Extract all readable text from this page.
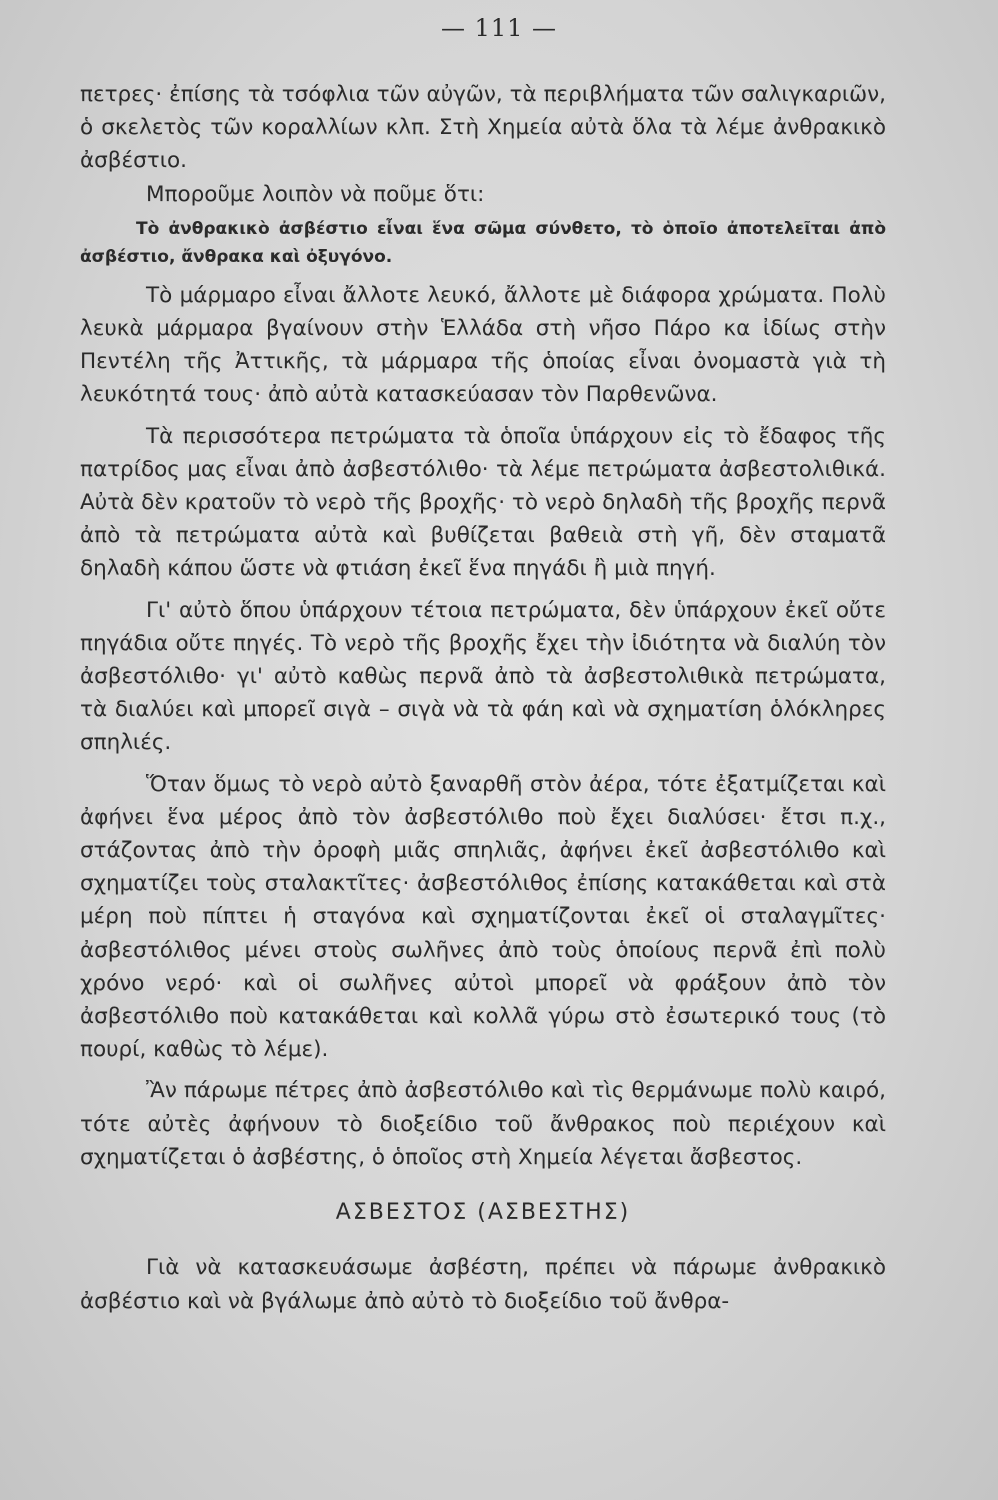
— 111 —

πετρες· ἐπίσης τὰ τσόφλια τῶν αὐγῶν, τὰ περιβλήματα τῶν σαλιγκαριῶν, ὁ σκελετὸς τῶν κοραλλίων κλπ. Στὴ Χημεία αὐτὰ ὅλα τὰ λέμε ἀνθρακικὸ ἀσβέστιο.

Μποροῦμε λοιπὸν νὰ ποῦμε ὅτι:

Τὸ ἀνθρακικὸ ἀσβέστιο εἶναι ἕνα σῶμα σύνθετο, τὸ ὁποῖο ἀποτελεῖται ἀπὸ ἀσβέστιο, ἄνθρακα καὶ ὀξυγόνο.

Τὸ μάρμαρο εἶναι ἄλλοτε λευκό, ἄλλοτε μὲ διάφορα χρώματα. Πολὺ λευκὰ μάρμαρα βγαίνουν στὴν Ἑλλάδα στὴ νῆσο Πάρο κα ἰδίως στὴν Πεντέλη τῆς Ἀττικῆς, τὰ μάρμαρα τῆς ὁποίας εἶναι ὀνομαστὰ γιὰ τὴ λευκότητά τους· ἀπὸ αὐτὰ κατασκεύασαν τὸν Παρθενῶνα.

Τὰ περισσότερα πετρώματα τὰ ὁποῖα ὑπάρχουν εἰς τὸ ἔδαφος τῆς πατρίδος μας εἶναι ἀπὸ ἀσβεστόλιθο· τὰ λέμε πετρώματα ἀσβεστολιθικά. Αὐτὰ δὲν κρατοῦν τὸ νερὸ τῆς βροχῆς· τὸ νερὸ δηλαδὴ τῆς βροχῆς περνᾶ ἀπὸ τὰ πετρώματα αὐτὰ καὶ βυθίζεται βαθειὰ στὴ γῆ, δὲν σταματᾶ δηλαδὴ κάπου ὥστε νὰ φτιάση ἐκεῖ ἕνα πηγάδι ἢ μιὰ πηγή.

Γι' αὐτὸ ὅπου ὑπάρχουν τέτοια πετρώματα, δὲν ὑπάρχουν ἐκεῖ οὔτε πηγάδια οὔτε πηγές. Τὸ νερὸ τῆς βροχῆς ἔχει τὴν ἰδιότητα νὰ διαλύη τὸν ἀσβεστόλιθο· γι' αὐτὸ καθὼς περνᾶ ἀπὸ τὰ ἀσβεστολιθικὰ πετρώματα, τὰ διαλύει καὶ μπορεῖ σιγὰ – σιγὰ νὰ τὰ φάη καὶ νὰ σχηματίση ὁλόκληρες σπηλιές.

Ὅταν ὅμως τὸ νερὸ αὐτὸ ξαναρθῆ στὸν ἀέρα, τότε ἐξατμίζεται καὶ ἀφήνει ἕνα μέρος ἀπὸ τὸν ἀσβεστόλιθο ποὺ ἔχει διαλύσει· ἔτσι π.χ., στάζοντας ἀπὸ τὴν ὀροφὴ μιᾶς σπηλιᾶς, ἀφήνει ἐκεῖ ἀσβεστόλιθο καὶ σχηματίζει τοὺς σταλακτῖτες· ἀσβεστόλιθος ἐπίσης κατακάθεται καὶ στὰ μέρη ποὺ πίπτει ἡ σταγόνα καὶ σχηματίζονται ἐκεῖ οἱ σταλαγμῖτες· ἀσβεστόλιθος μένει στοὺς σωλῆνες ἀπὸ τοὺς ὁποίους περνᾶ ἐπὶ πολὺ χρόνο νερό· καὶ οἱ σωλῆνες αὐτοὶ μπορεῖ νὰ φράξουν ἀπὸ τὸν ἀσβεστόλιθο ποὺ κατακάθεται καὶ κολλᾶ γύρω στὸ ἐσωτερικό τους (τὸ πουρί, καθὼς τὸ λέμε).

Ἂν πάρωμε πέτρες ἀπὸ ἀσβεστόλιθο καὶ τὶς θερμάνωμε πολὺ καιρό, τότε αὐτὲς ἀφήνουν τὸ διοξείδιο τοῦ ἄνθρακος ποὺ περιέχουν καὶ σχηματίζεται ὁ ἀσβέστης, ὁ ὁποῖος στὴ Χημεία λέγεται ἄσβεστος.

ΑΣΒΕΣΤΟΣ (ΑΣΒΕΣΤΗΣ)

Γιὰ νὰ κατασκευάσωμε ἀσβέστη, πρέπει νὰ πάρωμε ἀνθρακικὸ ἀσβέστιο καὶ νὰ βγάλωμε ἀπὸ αὐτὸ τὸ διοξείδιο τοῦ ἄνθρα-
